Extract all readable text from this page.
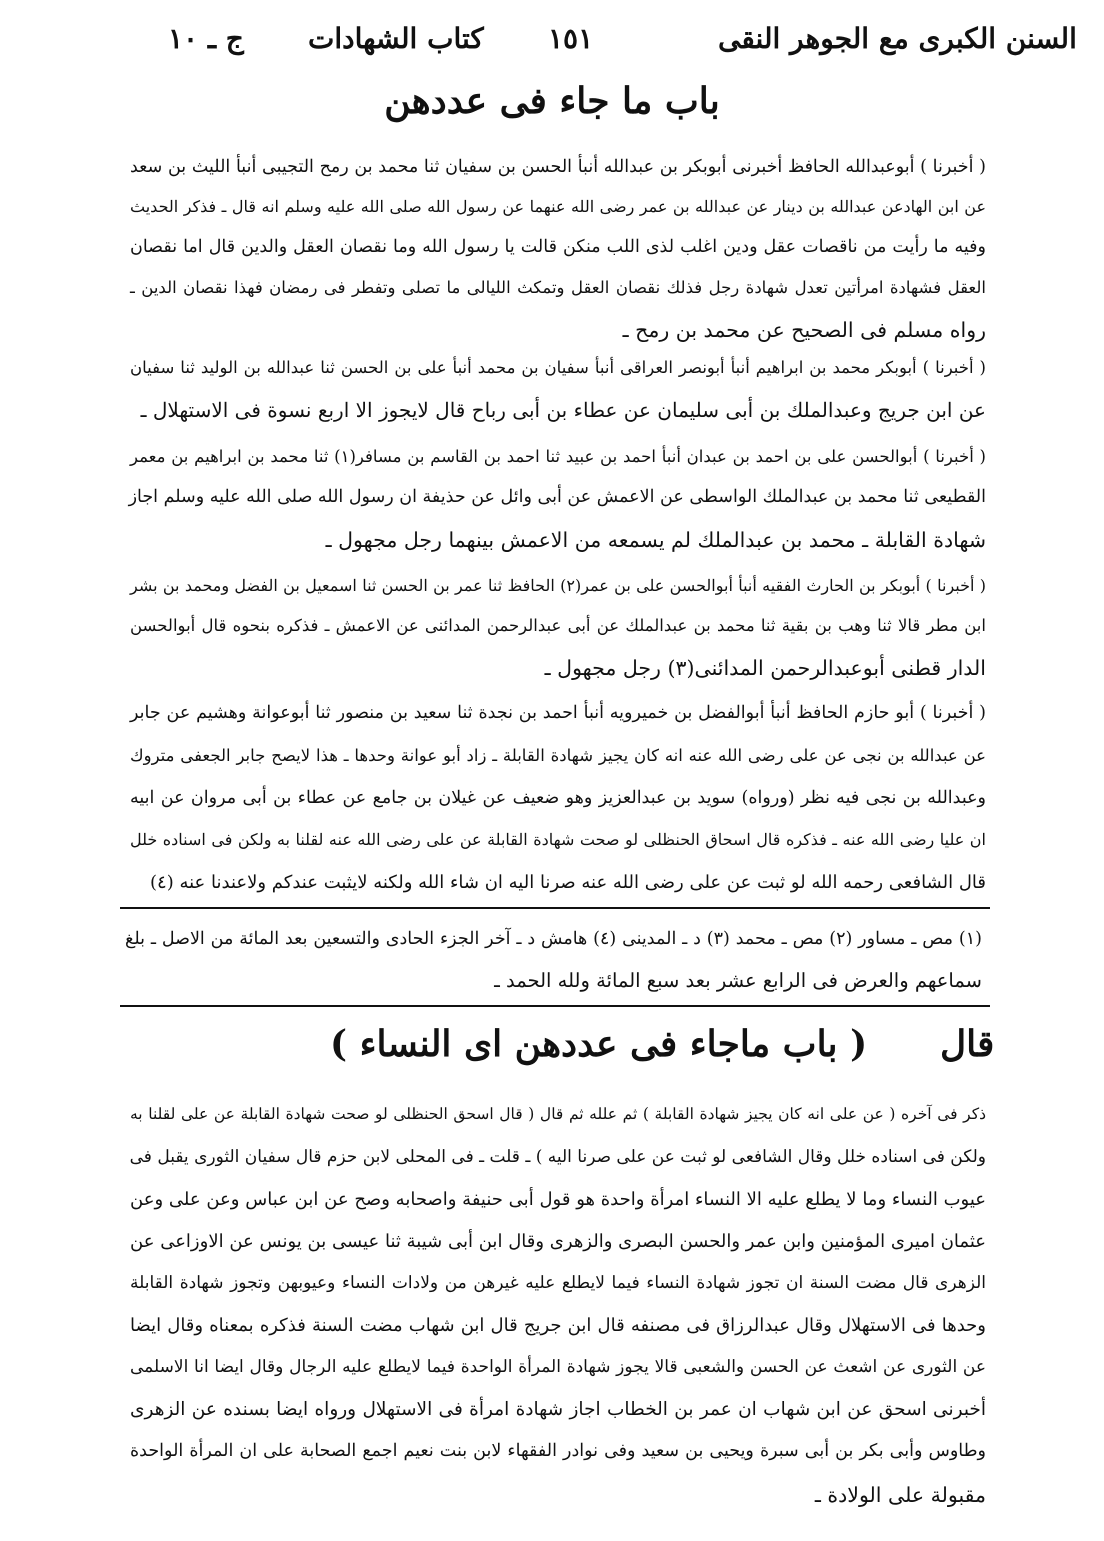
ج ـ ١٠ كتاب الشهادات ١٥١	السنن الكبرى مع الجوهر النقى
باب ما جاء فى عددهن
( أخبرنا ) أبوعبدالله الحافظ أخبرنى أبوبكر بن عبدالله أنبأ الحسن بن سفيان ثنا محمد بن رمح التجيبى أنبأ الليث بن سعد
عن ابن الهادعن عبدالله بن دينار عن عبدالله بن عمر رضى الله عنهما عن رسول الله صلى الله عليه وسلم انه قال ـ فذكر الحديث
وفيه ما رأيت من ناقصات عقل ودين اغلب لذى اللب منكن قالت يا رسول الله وما نقصان العقل والدين قال اما نقصان
العقل فشهادة امرأتين تعدل شهادة رجل فذلك نقصان العقل وتمكث الليالى ما تصلى وتفطر فى رمضان فهذا نقصان الدين ـ
رواه مسلم فى الصحيح عن محمد بن رمح ـ
( أخبرنا ) أبوبكر محمد بن ابراهيم أنبأ أبونصر العراقى أنبأ سفيان بن محمد أنبأ على بن الحسن ثنا عبدالله بن الوليد ثنا سفيان
عن ابن جريج وعبدالملك بن أبى سليمان عن عطاء بن أبى رباح قال لايجوز الا اربع نسوة فى الاستهلال ـ
( أخبرنا ) أبوالحسن على بن احمد بن عبدان أنبأ احمد بن عبيد ثنا احمد بن القاسم بن مسافر(١) ثنا محمد بن ابراهيم بن معمر
القطيعى ثنا محمد بن عبدالملك الواسطى عن الاعمش عن أبى وائل عن حذيفة ان رسول الله صلى الله عليه وسلم اجاز
شهادة القابلة ـ محمد بن عبدالملك لم يسمعه من الاعمش بينهما رجل مجهول ـ
( أخبرنا ) أبوبكر بن الحارث الفقيه أنبأ أبوالحسن على بن عمر(٢) الحافظ ثنا عمر بن الحسن ثنا اسمعيل بن الفضل ومحمد بن بشر
ابن مطر قالا ثنا وهب بن بقية ثنا محمد بن عبدالملك عن أبى عبدالرحمن المدائنى عن الاعمش ـ فذكره بنحوه قال أبوالحسن
الدار قطنى أبوعبدالرحمن المدائنى(٣) رجل مجهول ـ
( أخبرنا ) أبو حازم الحافظ أنبأ أبوالفضل بن خميرويه أنبأ احمد بن نجدة ثنا سعيد بن منصور ثنا أبوعوانة وهشيم عن جابر
عن عبدالله بن نجى عن على رضى الله عنه انه كان يجيز شهادة القابلة ـ زاد أبو عوانة وحدها ـ هذا لايصح جابر الجعفى متروك
وعبدالله بن نجى فيه نظر (ورواه) سويد بن عبدالعزيز وهو ضعيف عن غيلان بن جامع عن عطاء بن أبى مروان عن ابيه
ان عليا رضى الله عنه ـ فذكره قال اسحاق الحنظلى لو صحت شهادة القابلة عن على رضى الله عنه لقلنا به ولكن فى اسناده خلل
قال الشافعى رحمه الله لو ثبت عن على رضى الله عنه صرنا اليه ان شاء الله ولكنه لايثبت عندكم ولاعندنا عنه (٤)
(١) مص ـ مساور (٢) مص ـ محمد (٣) د ـ المدينى (٤) هامش د ـ آخر الجزء الحادى والتسعين بعد المائة من الاصل ـ بلغ
سماعهم والعرض فى الرابع عشر بعد سبع المائة ولله الحمد ـ
قال
( باب ماجاء فى عددهن اى النساء )
ذكر فى آخره ( عن على انه كان يجيز شهادة القابلة ) ثم علله ثم قال ( قال اسحق الحنظلى لو صحت شهادة القابلة عن على لقلنا به
ولكن فى اسناده خلل وقال الشافعى لو ثبت عن على صرنا اليه ) ـ قلت ـ فى المحلى لابن حزم قال سفيان الثورى يقبل فى
عيوب النساء وما لا يطلع عليه الا النساء امرأة واحدة هو قول أبى حنيفة واصحابه وصح عن ابن عباس وعن على وعن
عثمان اميرى المؤمنين وابن عمر والحسن البصرى والزهرى وقال ابن أبى شيبة ثنا عيسى بن يونس عن الاوزاعى عن
الزهرى قال مضت السنة ان تجوز شهادة النساء فيما لايطلع عليه غيرهن من ولادات النساء وعيوبهن وتجوز شهادة القابلة
وحدها فى الاستهلال وقال عبدالرزاق فى مصنفه قال ابن جريج قال ابن شهاب مضت السنة فذكره بمعناه وقال ايضا
عن الثورى عن اشعث عن الحسن والشعبى قالا يجوز شهادة المرأة الواحدة فيما لايطلع عليه الرجال وقال ايضا انا الاسلمى
أخبرنى اسحق عن ابن شهاب ان عمر بن الخطاب اجاز شهادة امرأة فى الاستهلال ورواه ايضا بسنده عن الزهرى
وطاوس وأبى بكر بن أبى سبرة ويحيى بن سعيد وفى نوادر الفقهاء لابن بنت نعيم اجمع الصحابة على ان المرأة الواحدة
مقبولة على الولادة ـ
